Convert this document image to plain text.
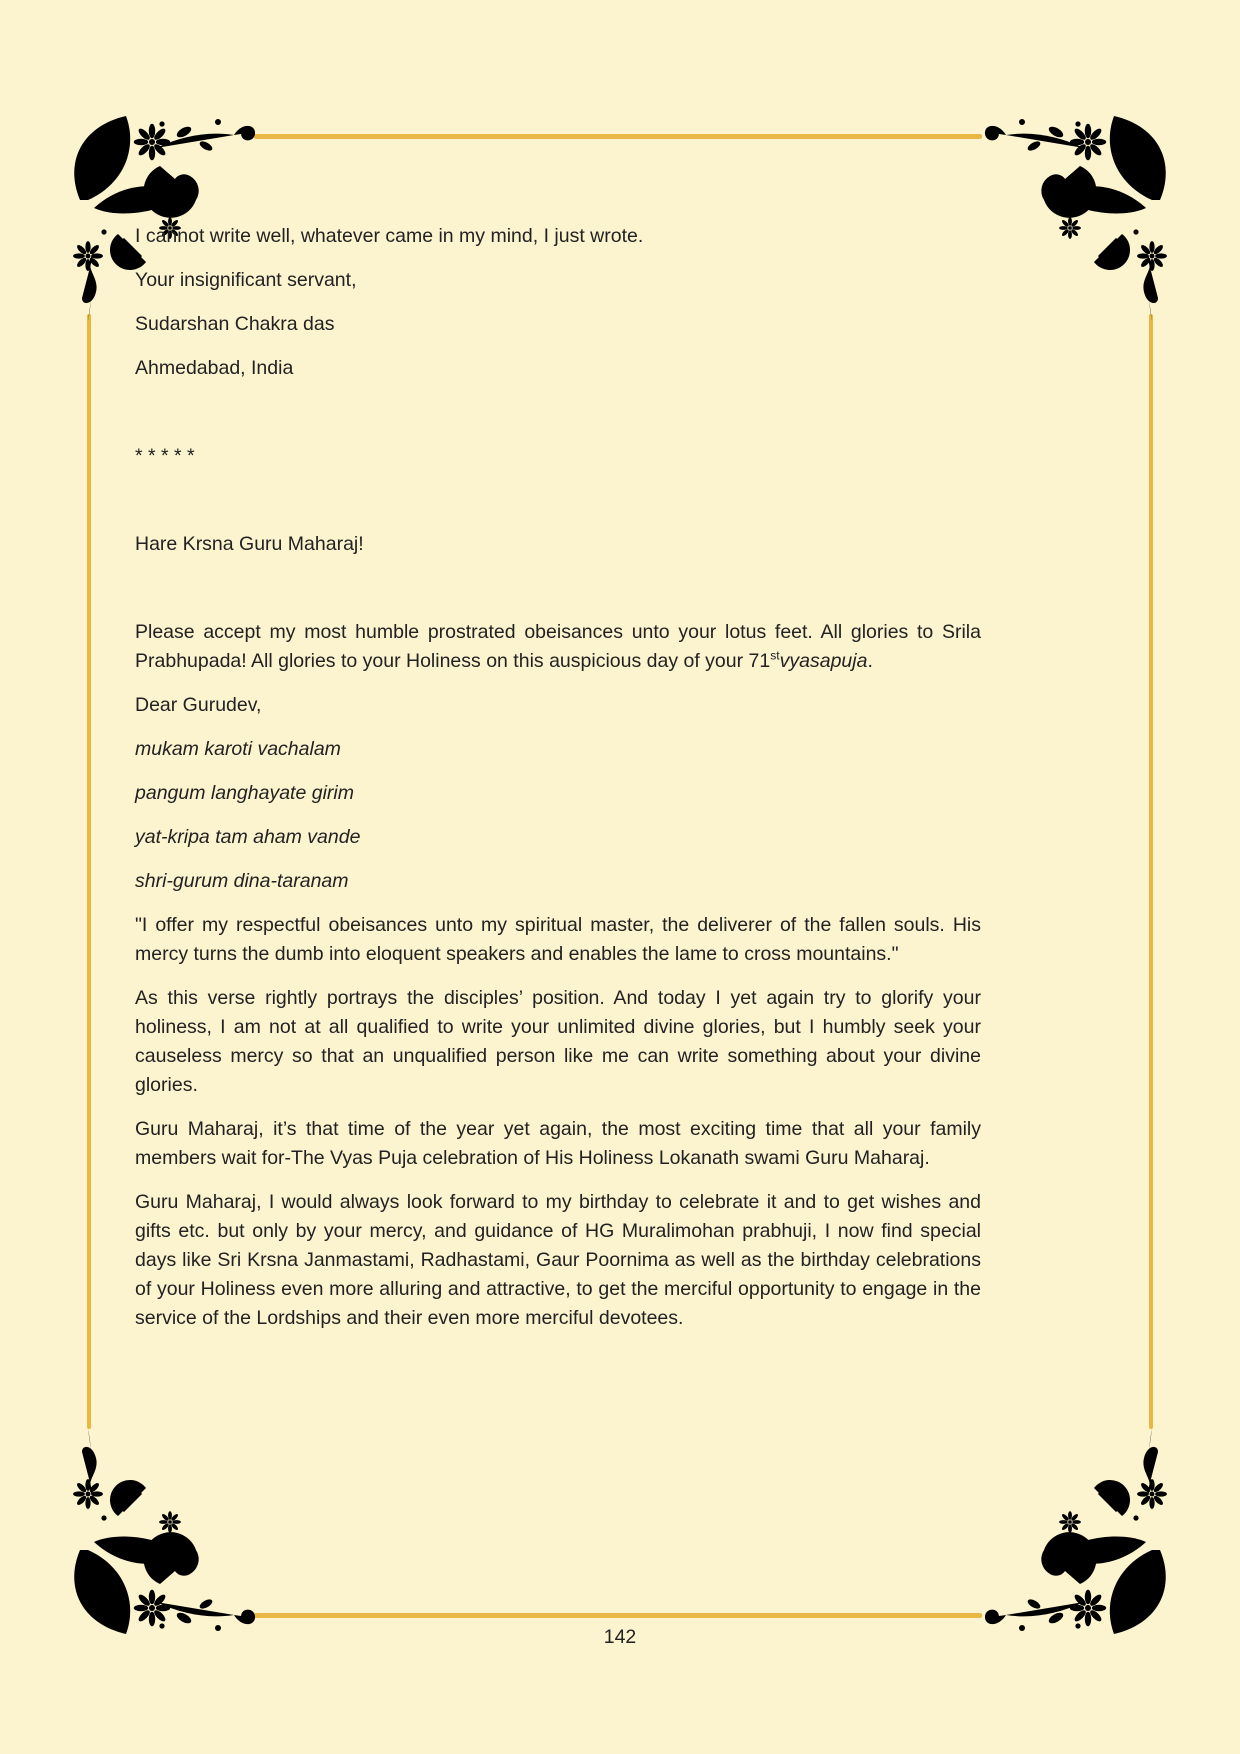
I cannot write well, whatever came in my mind, I just wrote.

Your insignificant servant,

Sudarshan Chakra das

Ahmedabad, India

* * * * *

Hare Krsna Guru Maharaj!

Please accept my most humble prostrated obeisances unto your lotus feet. All glories to Srila Prabhupada! All glories to your Holiness on this auspicious day of your 71stvyasapuja.

Dear Gurudev,

mukam karoti vachalam

pangum langhayate girim

yat-kripa tam aham vande

shri-gurum dina-taranam

"I offer my respectful obeisances unto my spiritual master, the deliverer of the fallen souls. His mercy turns the dumb into eloquent speakers and enables the lame to cross mountains."

As this verse rightly portrays the disciples’ position. And today I yet again try to glorify your holiness, I am not at all qualified to write your unlimited divine glories, but I humbly seek your causeless mercy so that an unqualified person like me can write something about your divine glories.

Guru Maharaj, it’s that time of the year yet again, the most exciting time that all your family members wait for-The Vyas Puja celebration of His Holiness Lokanath swami Guru Maharaj.

Guru Maharaj, I would always look forward to my birthday to celebrate it and to get wishes and gifts etc. but only by your mercy, and guidance of HG Muralimohan prabhuji, I now find special days like Sri Krsna Janmastami, Radhastami, Gaur Poornima as well as the birthday celebrations of your Holiness even more alluring and attractive, to get the merciful opportunity to engage in the service of the Lordships and their even more merciful devotees.

142
